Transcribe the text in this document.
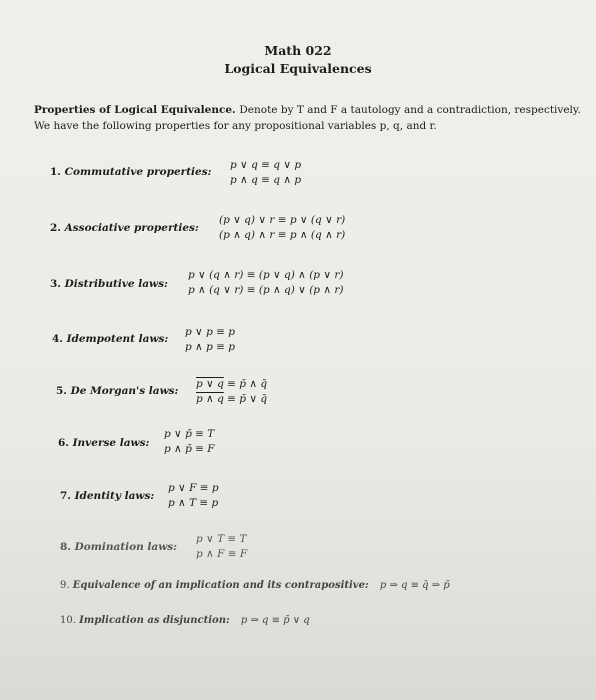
Math 022
Logical Equivalences
Properties of Logical Equivalence. Denote by T and F a tautology and a contradiction, respectively. We have the following properties for any propositional variables p, q, and r.
1. Commutative properties:
p ∨ q ≡ q ∨ p
p ∧ q ≡ q ∧ p
2. Associative properties:
(p ∨ q) ∨ r ≡ p ∨ (q ∨ r)
(p ∧ q) ∧ r ≡ p ∧ (q ∧ r)
3. Distributive laws:
p ∨ (q ∧ r) ≡ (p ∨ q) ∧ (p ∨ r)
p ∧ (q ∨ r) ≡ (p ∧ q) ∨ (p ∧ r)
4. Idempotent laws:
p ∨ p ≡ p
p ∧ p ≡ p
5. De Morgan's laws:
p ∨ q ≡ p̄ ∧ q̄
p ∧ q ≡ p̄ ∨ q̄
6. Inverse laws:
p ∨ p̄ ≡ T
p ∧ p̄ ≡ F
7. Identity laws:
p ∨ F ≡ p
p ∧ T ≡ p
8. Domination laws:
p ∨ T ≡ T
p ∧ F ≡ F
9. Equivalence of an implication and its contrapositive: p ⇒ q ≡ q̄ ⇒ p̄
10. Implication as disjunction: p ⇒ q ≡ p̄ ∨ q
